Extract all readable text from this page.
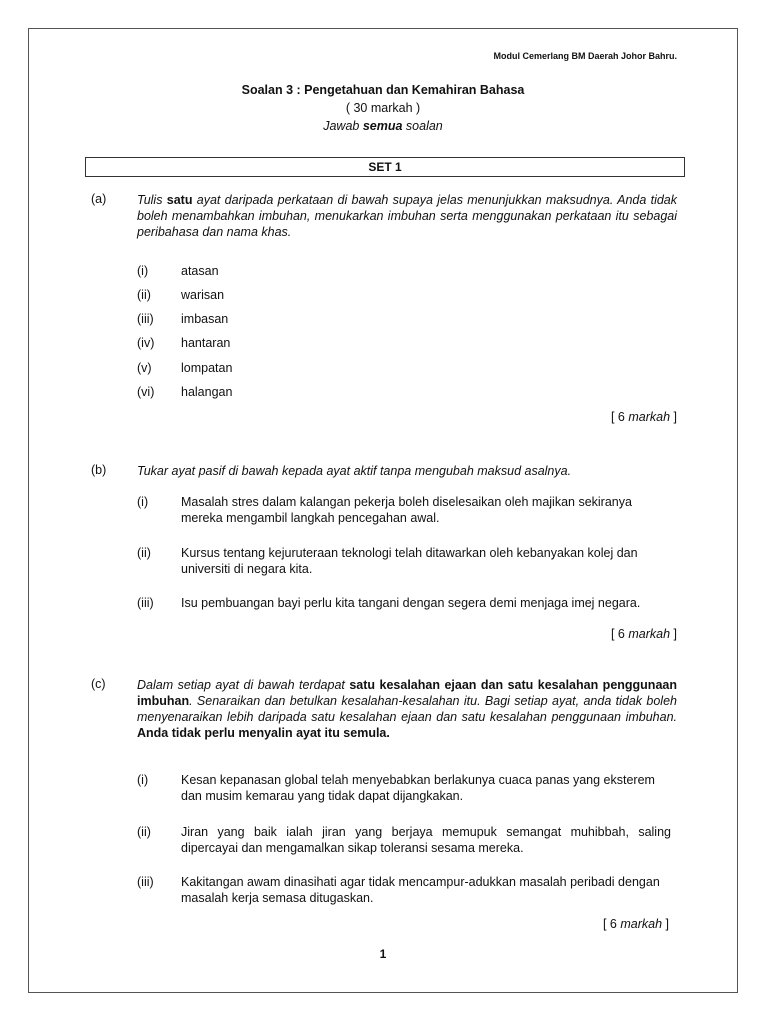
Modul Cemerlang BM Daerah Johor Bahru.
Soalan 3 : Pengetahuan dan Kemahiran Bahasa
( 30 markah )
Jawab semua soalan
SET 1
(a) Tulis satu ayat daripada perkataan di bawah supaya jelas menunjukkan maksudnya. Anda tidak boleh menambahkan imbuhan, menukarkan imbuhan serta menggunakan perkataan itu sebagai peribahasa dan nama khas.
(i)	atasan
(ii) warisan
(iii) imbasan
(iv) hantaran
(v) lompatan
(vi) halangan
[ 6 markah ]
(b) Tukar ayat pasif di bawah kepada ayat aktif tanpa mengubah maksud asalnya.
(i)	Masalah stres dalam kalangan pekerja boleh diselesaikan oleh majikan sekiranya mereka mengambil langkah pencegahan awal.
(ii) Kursus tentang kejuruteraan teknologi telah ditawarkan oleh kebanyakan kolej dan universiti di negara kita.
(iii) Isu pembuangan bayi perlu kita tangani dengan segera demi menjaga imej negara.
[ 6 markah ]
(c)	Dalam setiap ayat di bawah terdapat satu kesalahan ejaan dan satu kesalahan penggunaan imbuhan. Senaraikan dan betulkan kesalahan-kesalahan itu. Bagi setiap ayat, anda tidak boleh menyenaraikan lebih daripada satu kesalahan ejaan dan satu kesalahan penggunaan imbuhan. Anda tidak perlu menyalin ayat itu semula.
(i)	Kesan kepanasan global telah menyebabkan berlakunya cuaca panas yang eksterem dan musim kemarau yang tidak dapat dijangkakan.
(ii) Jiran yang baik ialah jiran yang berjaya memupuk semangat muhibbah, saling dipercayai dan mengamalkan sikap toleransi sesama mereka.
(iii) Kakitangan awam dinasihati agar tidak mencampur-adukkan masalah peribadi dengan masalah kerja semasa ditugaskan.
[ 6 markah ]
1
